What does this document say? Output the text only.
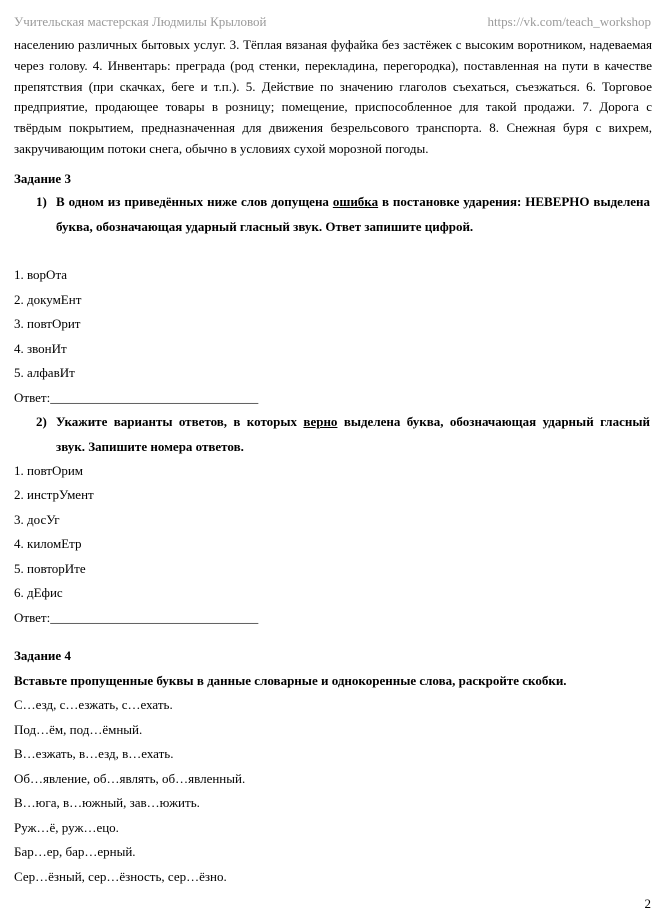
Учительская мастерская Людмилы Крыловой	https://vk.com/teach_workshop

населению различных бытовых услуг. 3. Тёплая вязаная фуфайка без застёжек с высоким воротником, надеваемая через голову. 4. Инвентарь: преграда (род стенки, перекладина, перегородка), поставленная на пути в качестве препятствия (при скачках, беге и т.п.). 5. Действие по значению глаголов съехаться, съезжаться. 6. Торговое предприятие, продающее товары в розницу; помещение, приспособленное для такой продажи. 7. Дорога с твёрдым покрытием, предназначенная для движения безрельсового транспорта. 8. Снежная буря с вихрем, закручивающим потоки снега, обычно в условиях сухой морозной погоды.

Задание 3

1) В одном из приведённых ниже слов допущена ошибка в постановке ударения: НЕВЕРНО выделена буква, обозначающая ударный гласный звук. Ответ запишите цифрой.

1. ворОта

2. докумЕнт

3. повтОрит

4. звонИт

5. алфавИт

Ответ:________________________________

2) Укажите варианты ответов, в которых верно выделена буква, обозначающая ударный гласный звук. Запишите номера ответов.

1. повтОрим

2. инстрУмент

3. досУг

4. киломЕтр

5. повторИте

6. дЕфис

Ответ:________________________________

Задание 4

Вставьте пропущенные буквы в данные словарные и однокоренные слова, раскройте скобки.

С…езд, с…езжать, с…ехать.

Под…ём, под…ёмный.

В…езжать, в…езд, в…ехать.

Об…явление, об…являть, об…явленный.

В…юга, в…южный, зав…южить.

Руж…ё, руж…ецо.

Бар…ер, бар…ерный.

Сер…ёзный, сер…ёзность, сер…ёзно.

2
